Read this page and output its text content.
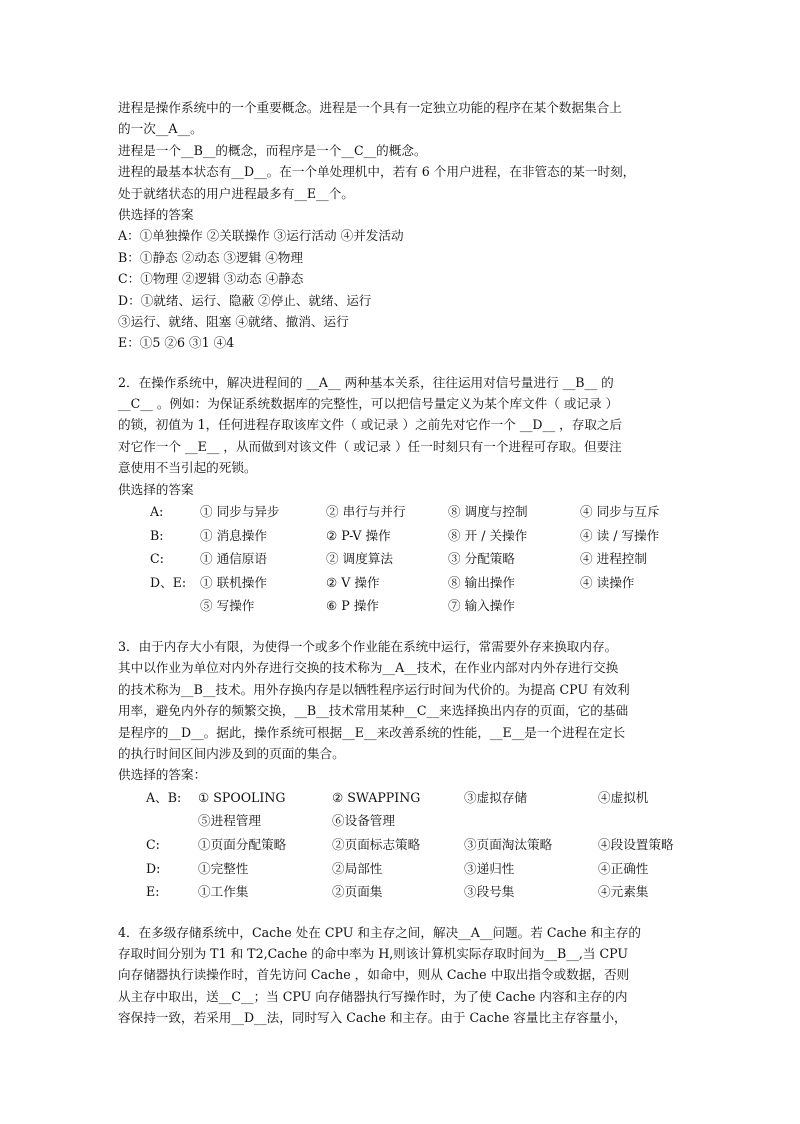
进程是操作系统中的一个重要概念。进程是一个具有一定独立功能的程序在某个数据集合上
的一次__A__。
进程是一个__B__的概念，而程序是一个__C__的概念。
进程的最基本状态有__D__。在一个单处理机中，若有 6 个用户进程，在非管态的某一时刻，
处于就绪状态的用户进程最多有__E__个。
供选择的答案
A：①单独操作 ②关联操作 ③运行活动 ④并发活动
B：①静态 ②动态 ③逻辑 ④物理
C：①物理 ②逻辑 ③动态 ④静态
D：①就绪、运行、隐蔽 ②停止、就绪、运行
③运行、就绪、阻塞 ④就绪、撤消、运行
E：①5 ②6 ③1 ④4
2．在操作系统中，解决进程间的 __A__ 两种基本关系，往往运用对信号量进行 __B__ 的
__C__ 。例如：为保证系统数据库的完整性，可以把信号量定义为某个库文件（ 或记录 ）
的锁，初值为 1，任何进程存取该库文件（ 或记录 ）之前先对它作一个 __D__ ，存取之后
对它作一个 __E__ ，从而做到对该文件（ 或记录 ）任一时刻只有一个进程可存取。但要注
意使用不当引起的死锁。
供选择的答案
A:	① 同步与异步	② 串行与并行	⑧ 调度与控制	④ 同步与互斥
B:	① 消息操作	② P-V 操作	⑧ 开 / 关操作	④ 读 / 写操作
C:	① 通信原语	② 调度算法	③ 分配策略	④ 进程控制
D、E:	① 联机操作	② V 操作	⑧ 输出操作	④ 读操作
⑤ 写操作	⑥ P 操作	⑦ 输入操作
3．由于内存大小有限，为使得一个或多个作业能在系统中运行，常需要外存来换取内存。
其中以作业为单位对内外存进行交换的技术称为__A__技术，在作业内部对内外存进行交换
的技术称为__B__技术。用外存换内存是以牺牲程序运行时间为代价的。为提高 CPU 有效利
用率，避免内外存的频繁交换，__B__技术常用某种__C__来选择换出内存的页面，它的基础
是程序的__D__。据此，操作系统可根据__E__来改善系统的性能，__E__是一个进程在定长
的执行时间区间内涉及到的页面的集合。
供选择的答案：
A、B:	① SPOOLING	② SWAPPING	③虚拟存储	④虚拟机
⑤进程管理	⑥设备管理
C:	①页面分配策略	②页面标志策略	③页面淘汰策略	④段设置策略
D:	①完整性	②局部性	③递归性	④正确性
E:	①工作集	②页面集	③段号集	④元素集
4．在多级存储系统中，Cache 处在 CPU 和主存之间，解决__A__问题。若 Cache 和主存的
存取时间分别为 T1 和 T2,Cache 的命中率为 H,则该计算机实际存取时间为__B__,当 CPU
向存储器执行读操作时，首先访问 Cache ，如命中，则从 Cache 中取出指令或数据，否则
从主存中取出，送__C__；当 CPU 向存储器执行写操作时，为了使 Cache 内容和主存的内
容保持一致，若采用__D__法，同时写入 Cache 和主存。由于 Cache 容量比主存容量小，
